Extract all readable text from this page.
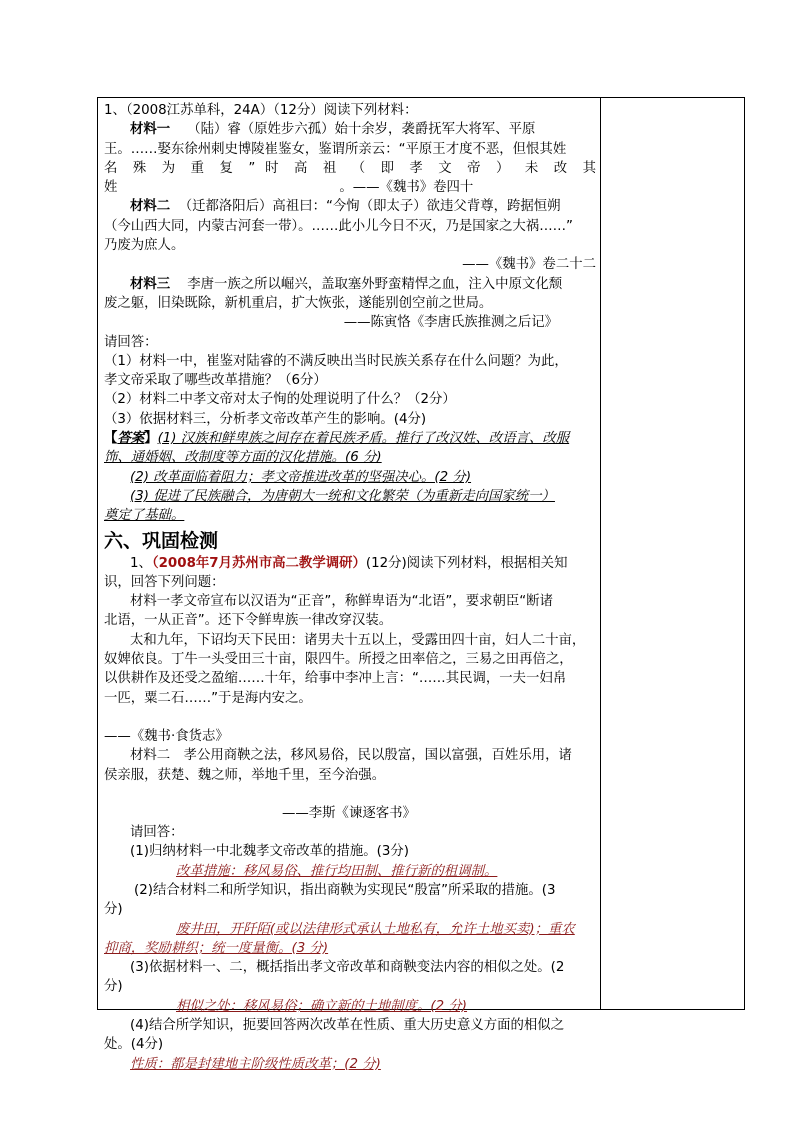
1、（2008江苏单科，24A）（12分）阅读下列材料：
材料一 （陆）睿（原姓步六孤）始十余岁，袭爵抚军大将军、平原
王。……娶东徐州刺史博陵崔鉴女，鉴谓所亲云：“平原王才度不恶，但恨其姓
名 殊 为 重 复 ” 时 高 祖 （ 即 孝 文 帝 ） 未 改 其
姓	。——《魏书》卷四十
材料二 （迁都洛阳后）高祖曰：“今恂（即太子）欲违父背尊，跨据恒朔
（今山西大同，内蒙古河套一带）。……此小儿今日不灭，乃是国家之大祸……”
乃废为庶人。
——《魏书》卷二十二
材料三 李唐一族之所以崛兴，盖取塞外野蛮精悍之血，注入中原文化颓
废之躯，旧染既除，新机重启，扩大恢张，遂能别创空前之世局。
——陈寅恪《李唐氏族推测之后记》
请回答：
（1）材料一中，崔鉴对陆睿的不满反映出当时民族关系存在什么问题？为此，
孝文帝采取了哪些改革措施？（6分）
（2）材料二中孝文帝对太子恂的处理说明了什么？（2分）
（3）依据材料三，分析孝文帝改革产生的影响。(4分)
【答案】(1) 汉族和鲜卑族之间存在着民族矛盾。推行了改汉姓、改语言、改服
饰、通婚姻、改制度等方面的汉化措施。(6 分)
(2) 改革面临着阻力；孝文帝推进改革的坚强决心。(2 分)
(3) 促进了民族融合，为唐朝大一统和文化繁荣（为重新走向国家统一）
奠定了基础。
六、巩固检测
1、（2008年7月苏州市高二教学调研）(12分)阅读下列材料，根据相关知
识，回答下列问题：
材料一孝文帝宣布以汉语为“正音”，称鲜卑语为“北语”，要求朝臣“断诸
北语，一从正音”。还下令鲜卑族一律改穿汉装。
太和九年，下诏均天下民田：诸男夫十五以上，受露田四十亩，妇人二十亩，
奴婢依良。丁牛一头受田三十亩，限四牛。所授之田率倍之，三易之田再倍之，
以供耕作及还受之盈缩……十年，给事中李冲上言：“……其民调，一夫一妇帛
一匹，粟二石……”于是海内安之。
——《魏书·食货志》
材料二　孝公用商鞅之法，移风易俗，民以殷富，国以富强，百姓乐用，诸
侯亲服，获楚、魏之师，举地千里，至今治强。
——李斯《谏逐客书》
请回答：
(1)归纳材料一中北魏孝文帝改革的措施。(3分)
改革措施：移风易俗、推行均田制、推行新的租调制。
(2)结合材料二和所学知识，指出商鞅为实现民“殷富”所采取的措施。(3
分)
废井田，开阡陌(或以法律形式承认土地私有，允许土地买卖)；重农
抑商，奖励耕织；统一度量衡。(3 分)
(3)依据材料一、二，概括指出孝文帝改革和商鞅变法内容的相似之处。(2
分)
相似之处：移风易俗；确立新的土地制度。(2 分)
(4)结合所学知识，扼要回答两次改革在性质、重大历史意义方面的相似之
处。(4分)
性质：都是封建地主阶级性质改革；(2 分)
